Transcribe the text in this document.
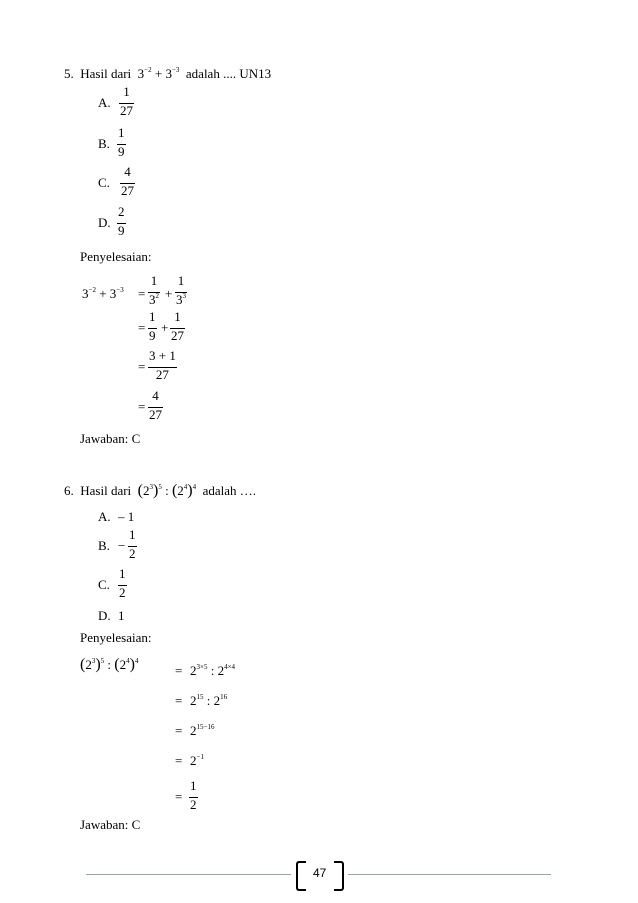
5. Hasil dari $3^{-2} + 3^{-3}$ adalah .... UN13
A. $\frac{1}{27}$
B. $\frac{1}{9}$
C. $\frac{4}{27}$
D. $\frac{2}{9}$
Penyelesaian:
$3^{-2} + 3^{-3} = \frac{1}{3^2} + \frac{1}{3^3}$
= $\frac{1}{9} + \frac{1}{27}$
= $\frac{3 + 1}{27}$
= $\frac{4}{27}$
Jawaban: C
6. Hasil dari $(2^3)^5$ : $(2^4)^4$ adalah ….
A. – 1
B. − $\frac{1}{2}$
C. $\frac{1}{2}$
D. 1
Penyelesaian:
$(2^3)^5$ : $(2^4)^4$
= $2^{3\times 5}$ : $2^{4\times 4}$
= $2^{15}$ : $2^{16}$
= $2^{15-16}$
= $2^{-1}$
= $\frac{1}{2}$
Jawaban: C
47
